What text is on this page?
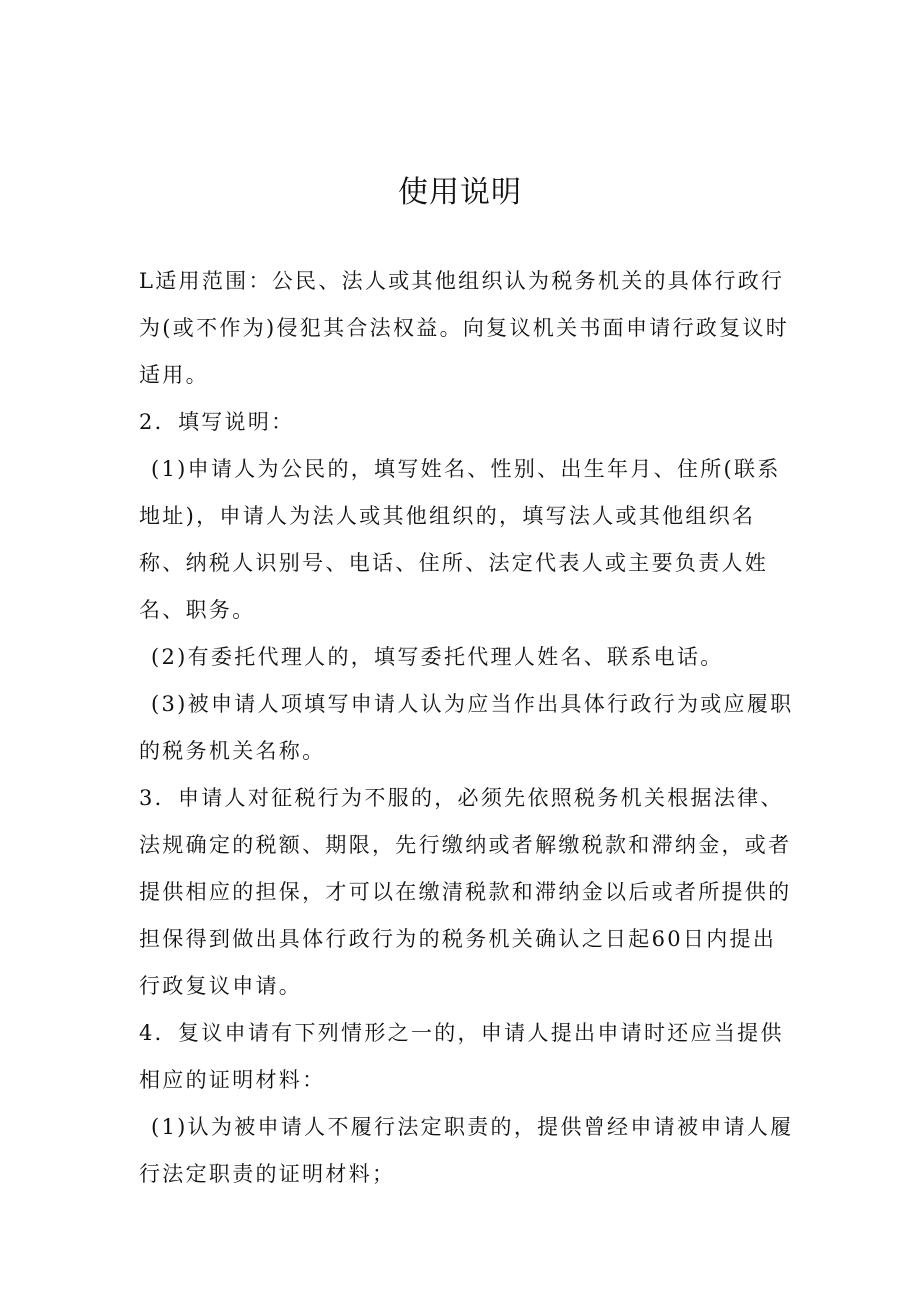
使用说明
L适用范围：公民、法人或其他组织认为税务机关的具体行政行
为(或不作为)侵犯其合法权益。向复议机关书面申请行政复议时
适用。
2．填写说明：
(1)申请人为公民的，填写姓名、性别、出生年月、住所(联系
地址)，申请人为法人或其他组织的，填写法人或其他组织名
称、纳税人识别号、电话、住所、法定代表人或主要负责人姓
名、职务。
(2)有委托代理人的，填写委托代理人姓名、联系电话。
(3)被申请人项填写申请人认为应当作出具体行政行为或应履职
的税务机关名称。
3．申请人对征税行为不服的，必须先依照税务机关根据法律、
法规确定的税额、期限，先行缴纳或者解缴税款和滞纳金，或者
提供相应的担保，才可以在缴清税款和滞纳金以后或者所提供的
担保得到做出具体行政行为的税务机关确认之日起60日内提出
行政复议申请。
4．复议申请有下列情形之一的，申请人提出申请时还应当提供
相应的证明材料：
(1)认为被申请人不履行法定职责的，提供曾经申请被申请人履
行法定职责的证明材料；
